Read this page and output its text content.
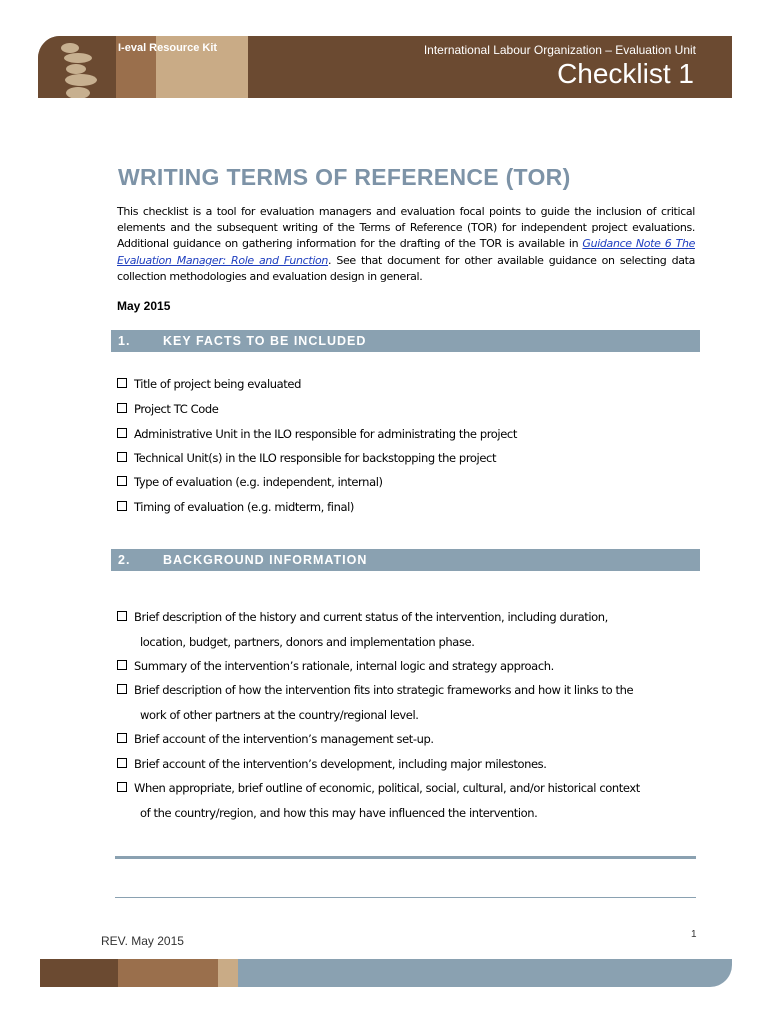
I-eval Resource Kit	International Labour Organization – Evaluation Unit
Checklist 1
WRITING TERMS OF REFERENCE (TOR)
This checklist is a tool for evaluation managers and evaluation focal points to guide the inclusion of critical elements and the subsequent writing of the Terms of Reference (TOR) for independent project evaluations. Additional guidance on gathering information for the drafting of the TOR is available in Guidance Note 6 The Evaluation Manager: Role and Function. See that document for other available guidance on selecting data collection methodologies and evaluation design in general.
May 2015
1.	KEY FACTS TO BE INCLUDED
Title of project being evaluated
Project TC Code
Administrative Unit in the ILO responsible for administrating the project
Technical Unit(s) in the ILO responsible for backstopping the project
Type of evaluation (e.g. independent, internal)
Timing of evaluation (e.g. midterm, final)
2.	BACKGROUND INFORMATION
Brief description of the history and current status of the intervention, including duration,
location, budget, partners, donors and implementation phase.
Summary of the intervention’s rationale, internal logic and strategy approach.
Brief description of how the intervention fits into strategic frameworks and how it links to the
work of other partners at the country/regional level.
Brief account of the intervention’s management set-up.
Brief account of the intervention’s development, including major milestones.
When appropriate, brief outline of economic, political, social, cultural, and/or historical context
of the country/region, and how this may have influenced the intervention.
REV. May 2015	1
